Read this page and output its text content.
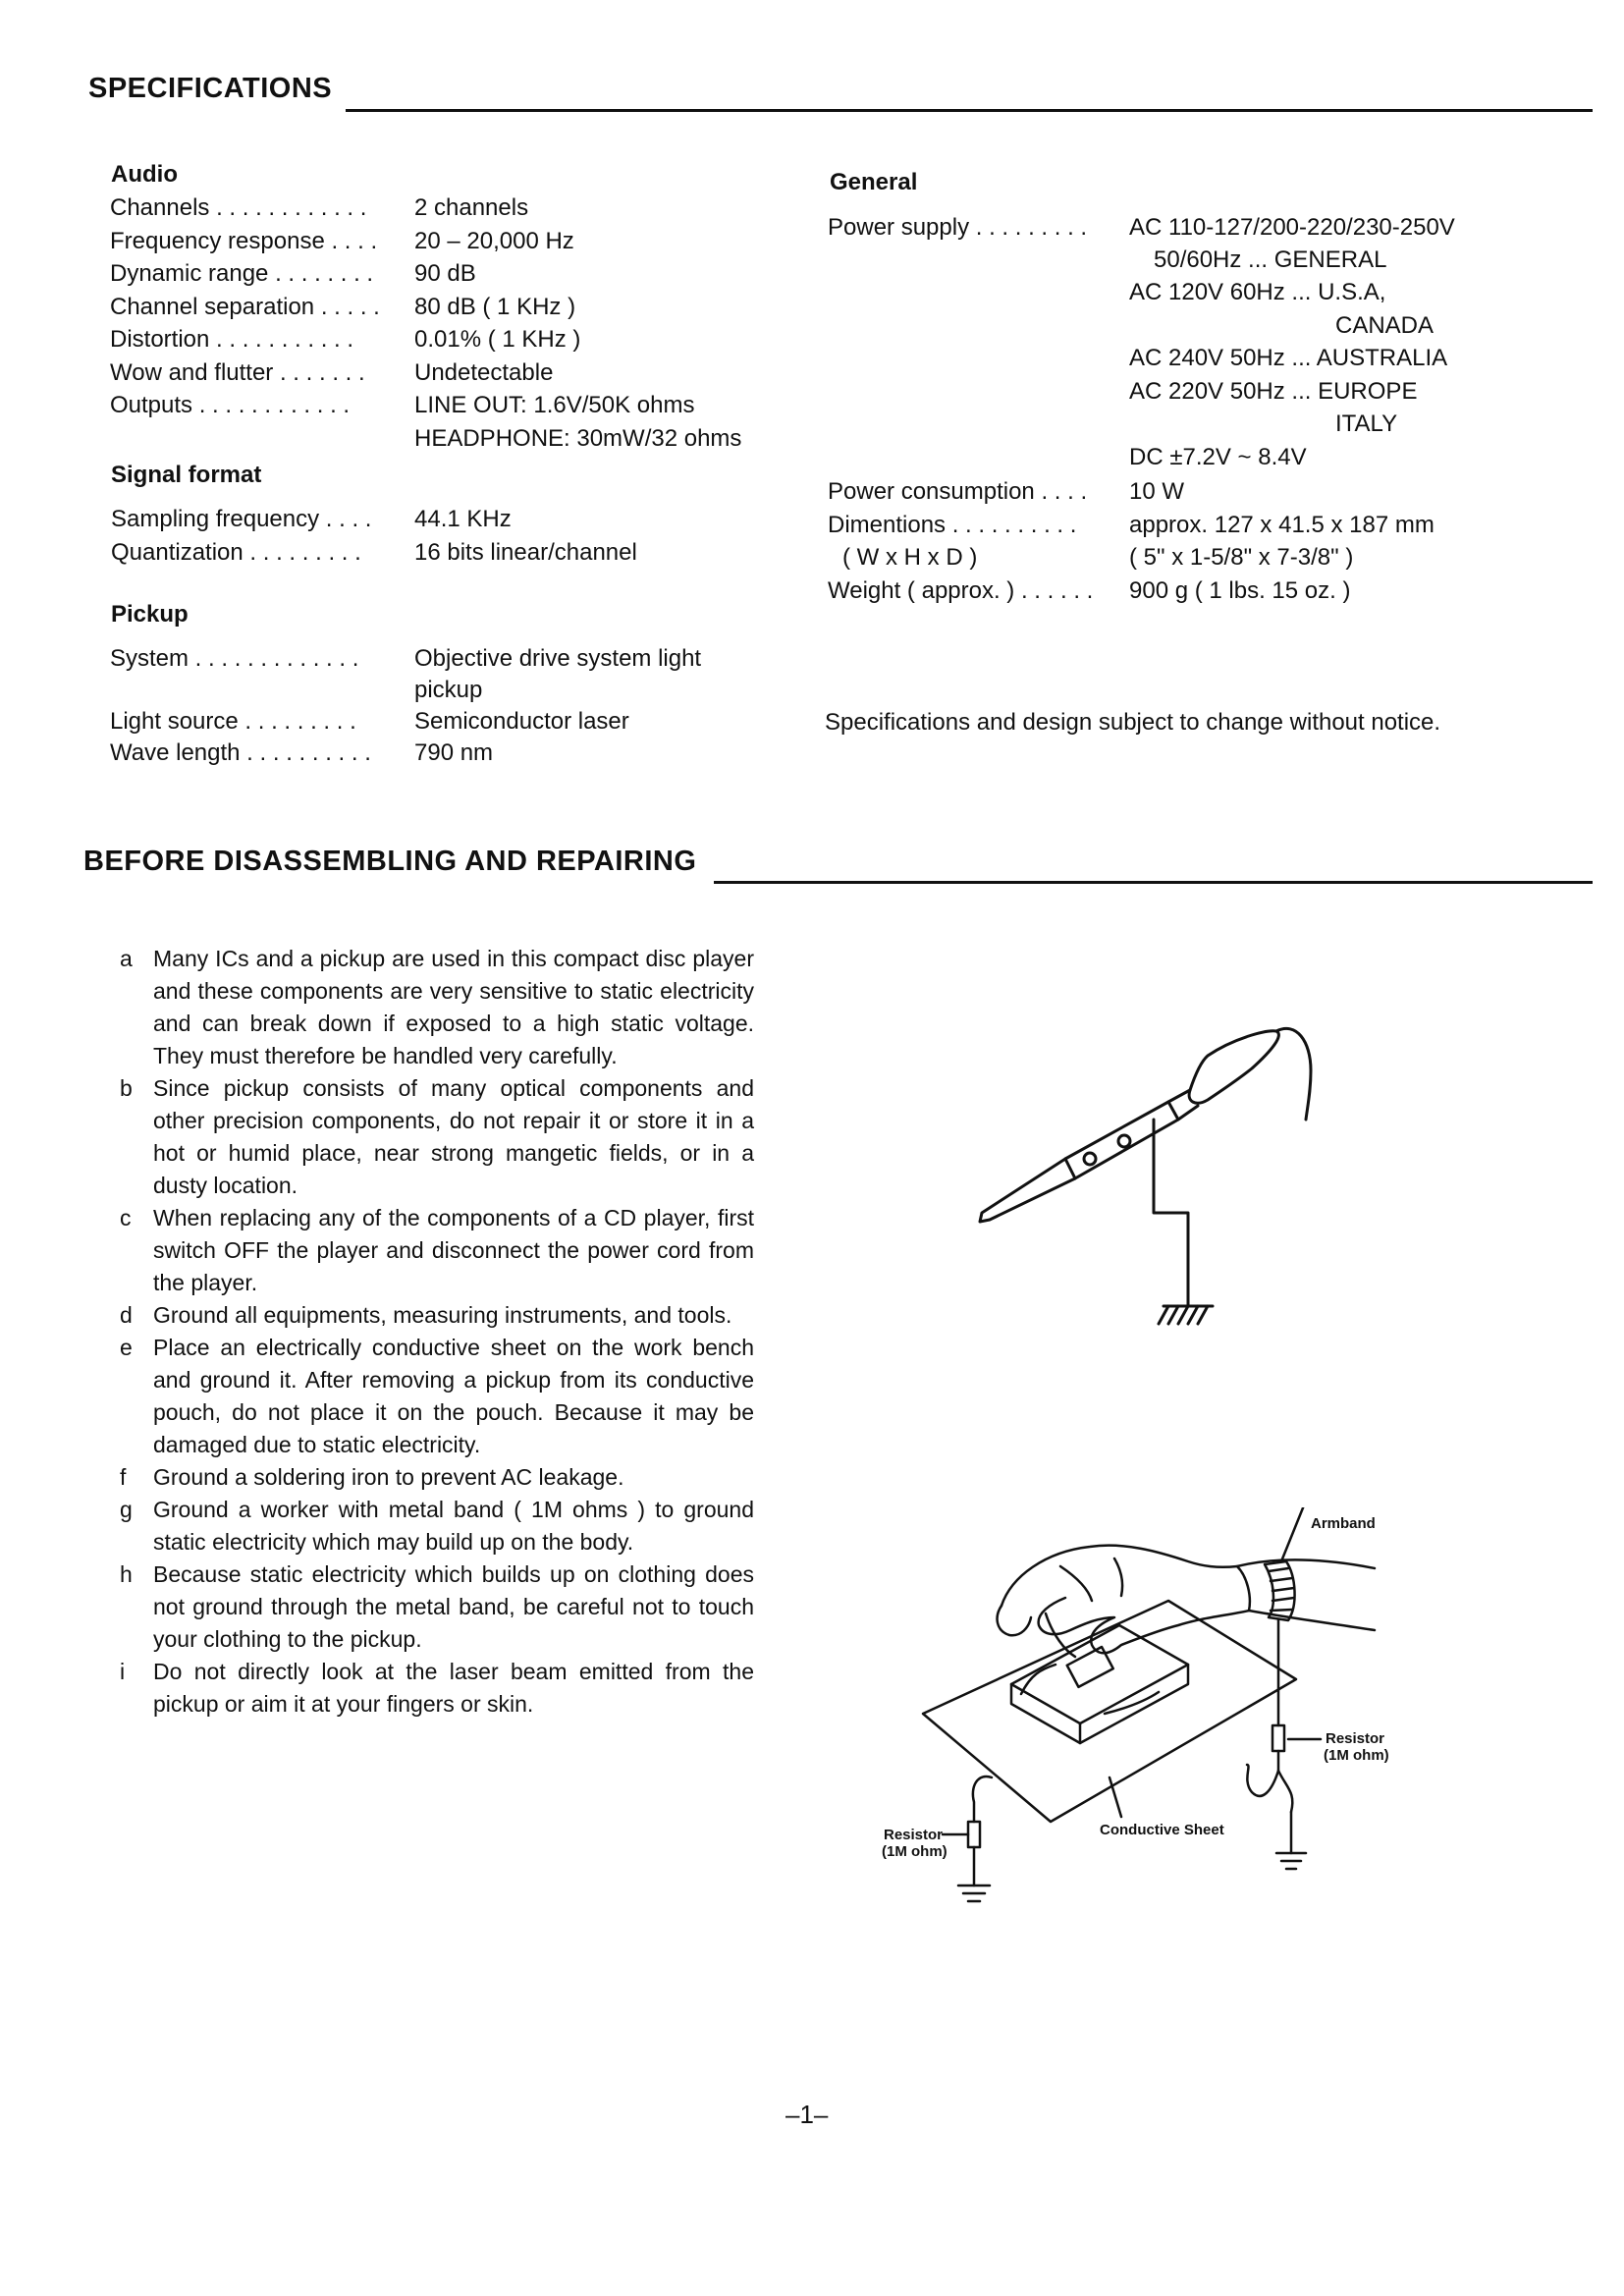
SPECIFICATIONS
Audio
Channels . . . . . . . . . . . . 2 channels
Frequency response . . . . 20 – 20,000 Hz
Dynamic range . . . . . . . . 90 dB
Channel separation . . . . . 80 dB ( 1 KHz )
Distortion . . . . . . . . . . .	0.01% ( 1 KHz )
Wow and flutter . . . . . . . Undetectable
Outputs . . . . . . . . . . . .	LINE OUT: 1.6V/50K ohms
HEADPHONE: 30mW/32 ohms
Signal format
Sampling frequency . . . . 44.1 KHz
Quantization . . . . . . . . . 16 bits linear/channel
Pickup
System . . . . . . . . . . . . . Objective drive system light
pickup
Light source . . . . . . . . . Semiconductor laser
Wave length . . . . . . . . . . 790 nm
General
Power supply . . . . . . . . . AC 110-127/200-220/230-250V
50/60Hz ... GENERAL
AC 120V 60Hz ... U.S.A,
CANADA
AC 240V 50Hz ... AUSTRALIA
AC 220V 50Hz ... EUROPE
ITALY
DC ±7.2V ~ 8.4V
Power consumption . . . . 10 W
Dimentions . . . . . . . . . . approx. 127 x 41.5 x 187 mm
( W x H x D )	( 5" x 1-5/8" x 7-3/8" )
Weight ( approx. ) . . . . . . 900 g ( 1 lbs. 15 oz. )
Specifications and design subject to change without notice.
BEFORE DISASSEMBLING AND REPAIRING
a Many ICs and a pickup are used in this compact disc player and these components are very sensitive to static electricity and can break down if exposed to a high static voltage. They must therefore be handled very carefully.
b Since pickup consists of many optical components and other precision components, do not repair it or store it in a hot or humid place, near strong mangetic fields, or in a dusty location.
c When replacing any of the components of a CD player, first switch OFF the player and disconnect the power cord from the player.
d Ground all equipments, measuring instruments, and tools.
e Place an electrically conductive sheet on the work bench and ground it. After removing a pickup from its conductive pouch, do not place it on the pouch. Because it may be damaged due to static electricity.
f Ground a soldering iron to prevent AC leakage.
g Ground a worker with metal band ( 1M ohms ) to ground static electricity which may build up on the body.
h Because static electricity which builds up on clothing does not ground through the metal band, be careful not to touch your clothing to the pickup.
i Do not directly look at the laser beam emitted from the pickup or aim it at your fingers or skin.
Armband
Resistor
(1M ohm)
Conductive Sheet
Resistor
(1M ohm)
–1–
